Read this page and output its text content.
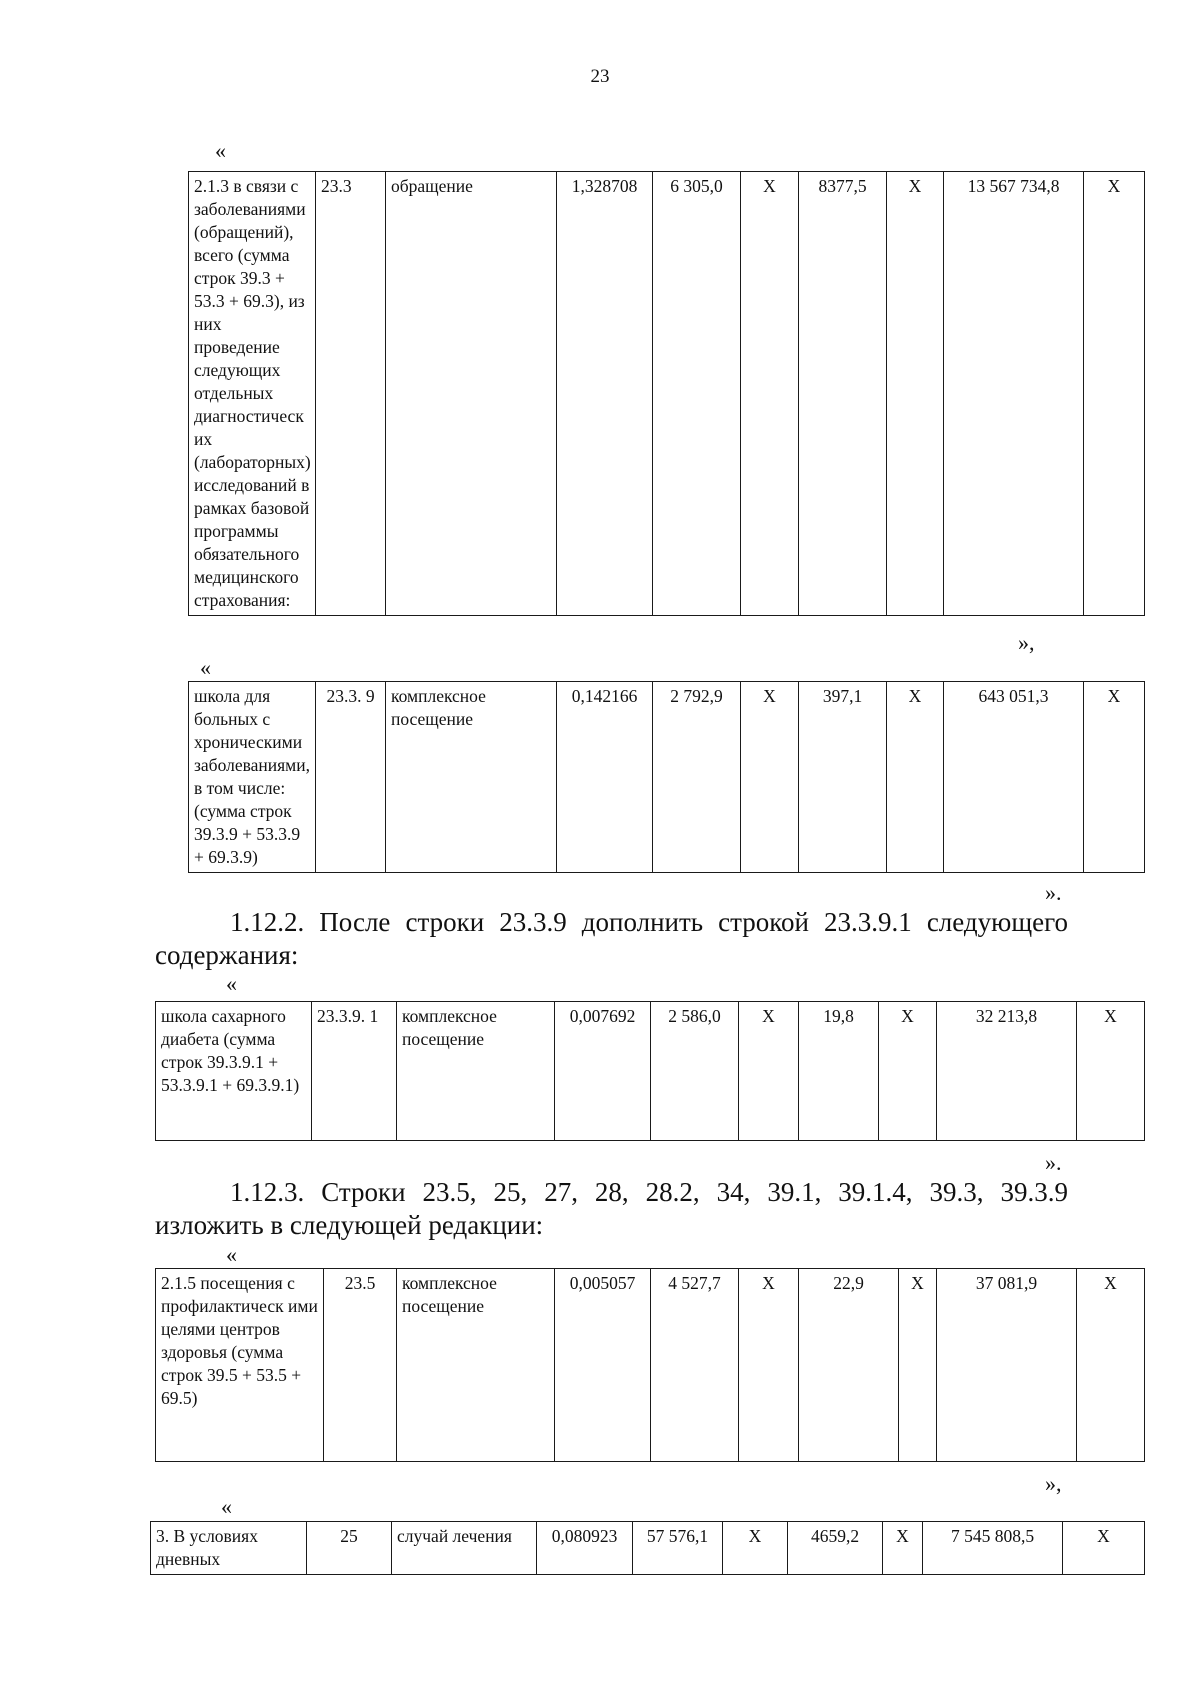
23
«
2.1.3 в связи с заболеваниями (обращений), всего (сумма строк 39.3 + 53.3 + 69.3), из них проведение следующих отдельных диагностическ их (лабораторных) исследований в рамках базовой программы обязательного медицинского страхования:	23.3	обращение	1,328708	6 305,0	Х	8377,5	Х	13 567 734,8	Х
»,
«
школа для больных с хроническими заболеваниями, в том числе: (сумма строк 39.3.9 + 53.3.9 + 69.3.9)	23.3. 9	комплексное посещение	0,142166	2 792,9	Х	397,1	Х	643 051,3	Х
».
1.12.2. После строки 23.3.9 дополнить строкой 23.3.9.1 следующего
содержания:
«
школа сахарного диабета (сумма строк 39.3.9.1 + 53.3.9.1 + 69.3.9.1)	23.3.9. 1	комплексное посещение	0,007692	2 586,0	Х	19,8	Х	32 213,8	Х
».
1.12.3. Строки 23.5, 25, 27, 28, 28.2, 34, 39.1, 39.1.4, 39.3, 39.3.9
изложить в следующей редакции:
«
2.1.5 посещения с профилактическ ими целями центров здоровья (сумма строк 39.5 + 53.5 + 69.5)	23.5	комплексное посещение	0,005057	4 527,7	Х	22,9	Х	37 081,9	Х
»,
«
3. В условиях дневных	25	случай лечения	0,080923	57 576,1	Х	4659,2	Х	7 545 808,5	Х
